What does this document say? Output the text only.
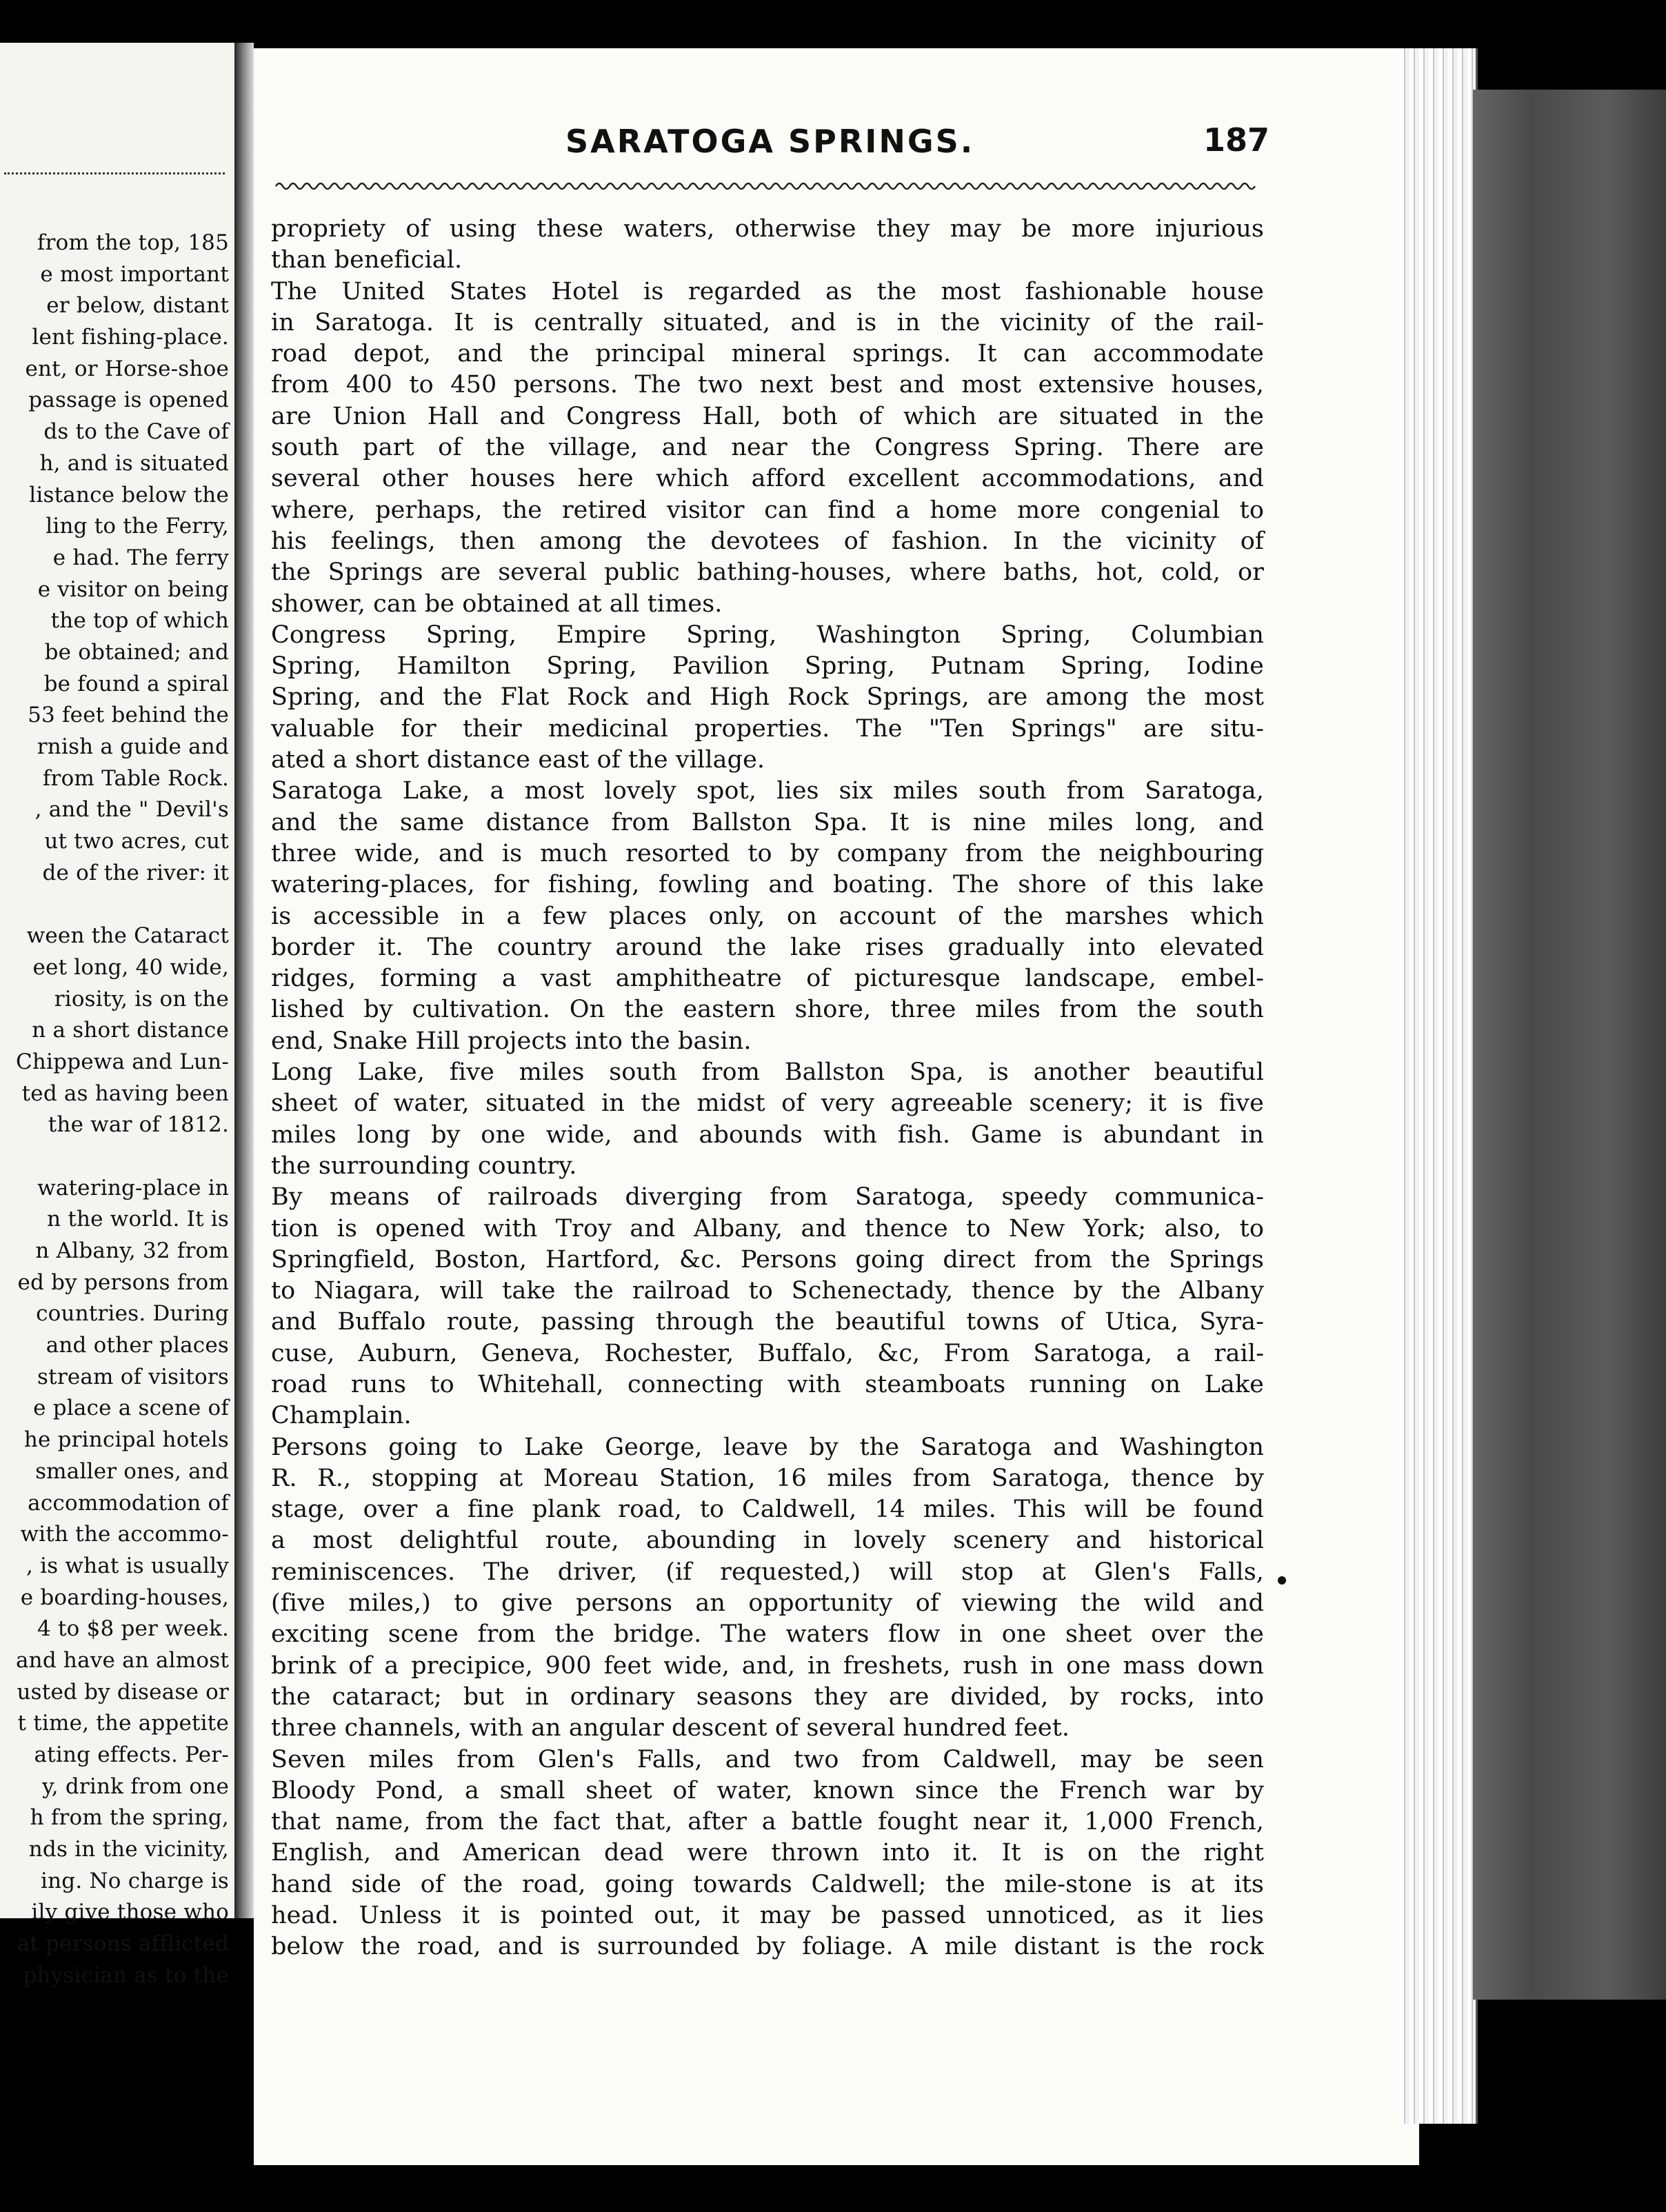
from the top, 185
e most important
er below, distant
lent fishing-place.
ent, or Horse-shoe
passage is opened
ds to the Cave of
h, and is situated
listance below the
ling to the Ferry,
e had. The ferry
e visitor on being
the top of which
be obtained; and
be found a spiral
53 feet behind the
rnish a guide and
from Table Rock.
, and the " Devil's
ut two acres, cut
de of the river: it
ween the Cataract
eet long, 40 wide,
riosity, is on the
n a short distance
Chippewa and Lun-
ted as having been
the war of 1812.
watering-place in
n the world. It is
n Albany, 32 from
ed by persons from
countries. During
and other places
stream of visitors
e place a scene of
he principal hotels
smaller ones, and
accommodation of
with the accommo-
, is what is usually
e boarding-houses,
4 to $8 per week.
and have an almost
usted by disease or
t time, the appetite
ating effects. Per-
y, drink from one
h from the spring,
nds in the vicinity,
ing. No charge is
ily give those who
at persons afflicted
physician as to the
SARATOGA SPRINGS.	187
propriety of using these waters, otherwise they may be more injurious
than beneficial.
The United States Hotel is regarded as the most fashionable house
in Saratoga. It is centrally situated, and is in the vicinity of the rail-
road depot, and the principal mineral springs. It can accommodate
from 400 to 450 persons. The two next best and most extensive houses,
are Union Hall and Congress Hall, both of which are situated in the
south part of the village, and near the Congress Spring. There are
several other houses here which afford excellent accommodations, and
where, perhaps, the retired visitor can find a home more congenial to
his feelings, then among the devotees of fashion. In the vicinity of
the Springs are several public bathing-houses, where baths, hot, cold, or
shower, can be obtained at all times.
Congress Spring, Empire Spring, Washington Spring, Columbian
Spring, Hamilton Spring, Pavilion Spring, Putnam Spring, Iodine
Spring, and the Flat Rock and High Rock Springs, are among the most
valuable for their medicinal properties. The "Ten Springs" are situ-
ated a short distance east of the village.
Saratoga Lake, a most lovely spot, lies six miles south from Saratoga,
and the same distance from Ballston Spa. It is nine miles long, and
three wide, and is much resorted to by company from the neighbouring
watering-places, for fishing, fowling and boating. The shore of this lake
is accessible in a few places only, on account of the marshes which
border it. The country around the lake rises gradually into elevated
ridges, forming a vast amphitheatre of picturesque landscape, embel-
lished by cultivation. On the eastern shore, three miles from the south
end, Snake Hill projects into the basin.
Long Lake, five miles south from Ballston Spa, is another beautiful
sheet of water, situated in the midst of very agreeable scenery; it is five
miles long by one wide, and abounds with fish. Game is abundant in
the surrounding country.
By means of railroads diverging from Saratoga, speedy communica-
tion is opened with Troy and Albany, and thence to New York; also, to
Springfield, Boston, Hartford, &c. Persons going direct from the Springs
to Niagara, will take the railroad to Schenectady, thence by the Albany
and Buffalo route, passing through the beautiful towns of Utica, Syra-
cuse, Auburn, Geneva, Rochester, Buffalo, &c, From Saratoga, a rail-
road runs to Whitehall, connecting with steamboats running on Lake
Champlain.
Persons going to Lake George, leave by the Saratoga and Washington
R. R., stopping at Moreau Station, 16 miles from Saratoga, thence by
stage, over a fine plank road, to Caldwell, 14 miles. This will be found
a most delightful route, abounding in lovely scenery and historical
reminiscences. The driver, (if requested,) will stop at Glen's Falls,
(five miles,) to give persons an opportunity of viewing the wild and
exciting scene from the bridge. The waters flow in one sheet over the
brink of a precipice, 900 feet wide, and, in freshets, rush in one mass down
the cataract; but in ordinary seasons they are divided, by rocks, into
three channels, with an angular descent of several hundred feet.
Seven miles from Glen's Falls, and two from Caldwell, may be seen
Bloody Pond, a small sheet of water, known since the French war by
that name, from the fact that, after a battle fought near it, 1,000 French,
English, and American dead were thrown into it. It is on the right
hand side of the road, going towards Caldwell; the mile-stone is at its
head. Unless it is pointed out, it may be passed unnoticed, as it lies
below the road, and is surrounded by foliage. A mile distant is the rock
